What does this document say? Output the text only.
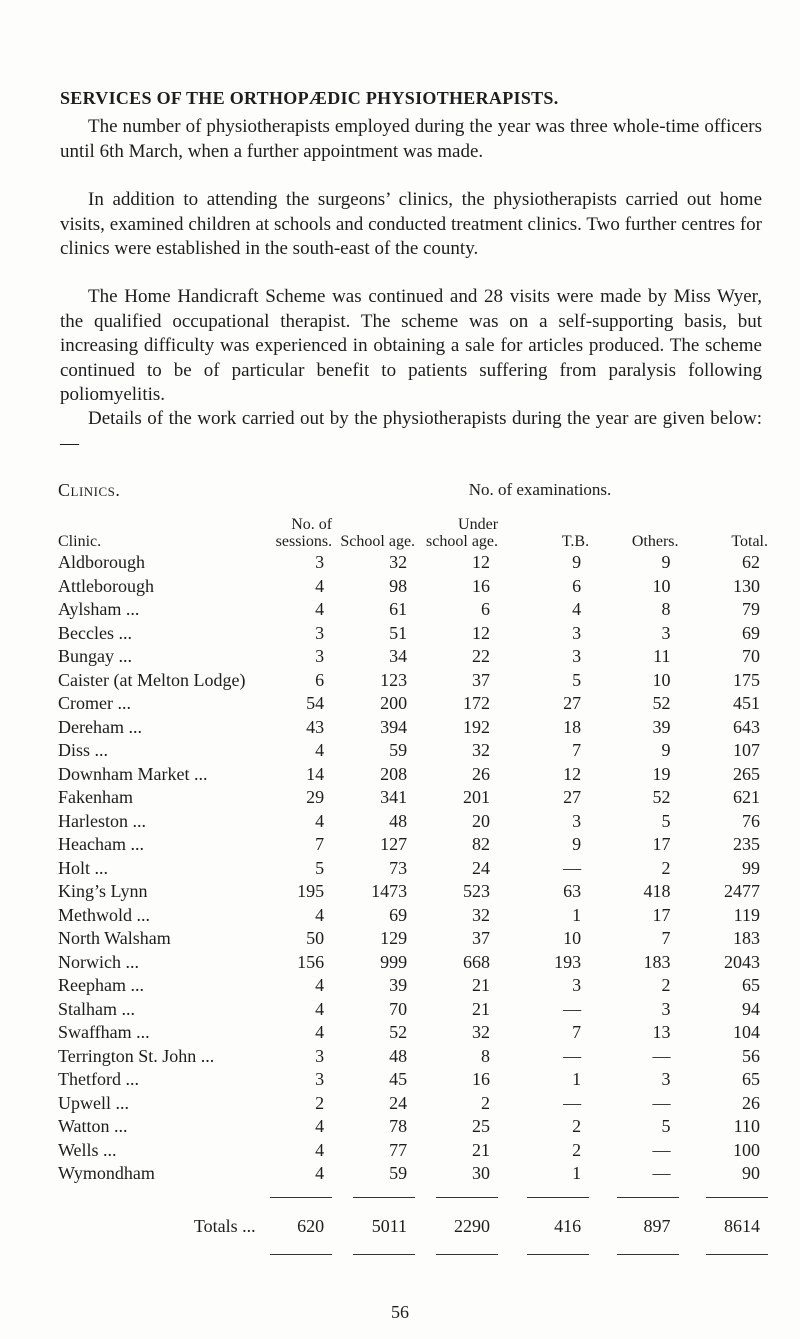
SERVICES OF THE ORTHOPÆDIC PHYSIOTHERAPISTS.

The number of physiotherapists employed during the year was three whole-time officers until 6th March, when a further appointment was made.

In addition to attending the surgeons’ clinics, the physiotherapists carried out home visits, examined children at schools and conducted treatment clinics. Two further centres for clinics were established in the south-east of the county.

The Home Handicraft Scheme was continued and 28 visits were made by Miss Wyer, the qualified occupational therapist. The scheme was on a self-supporting basis, but increasing difficulty was experienced in obtaining a sale for articles produced. The scheme continued to be of particular benefit to patients suffering from paralysis following poliomyelitis.

Details of the work carried out by the physiotherapists during the year are given below: —

Clinics.	No. of examinations.
Clinic.	No. of sessions.	School age.	Under school age.	T.B.	Others.	Total.
Aldborough	3	32	12	9	9	62
Attleborough	4	98	16	6	10	130
Aylsham ...	4	61	6	4	8	79
Beccles ...	3	51	12	3	3	69
Bungay ...	3	34	22	3	11	70
Caister (at Melton Lodge)	6	123	37	5	10	175
Cromer ...	54	200	172	27	52	451
Dereham ...	43	394	192	18	39	643
Diss ...	4	59	32	7	9	107
Downham Market ...	14	208	26	12	19	265
Fakenham	29	341	201	27	52	621
Harleston ...	4	48	20	3	5	76
Heacham ...	7	127	82	9	17	235
Holt ...	5	73	24	—	2	99
King’s Lynn	195	1473	523	63	418	2477
Methwold ...	4	69	32	1	17	119
North Walsham	50	129	37	10	7	183
Norwich ...	156	999	668	193	183	2043
Reepham ...	4	39	21	3	2	65
Stalham ...	4	70	21	—	3	94
Swaffham ...	4	52	32	7	13	104
Terrington St. John ...	3	48	8	—	—	56
Thetford ...	3	45	16	1	3	65
Upwell ...	2	24	2	—	—	26
Watton ...	4	78	25	2	5	110
Wells ...	4	77	21	2	—	100
Wymondham	4	59	30	1	—	90

Totals ...	620	5011	2290	416	897	8614

56
